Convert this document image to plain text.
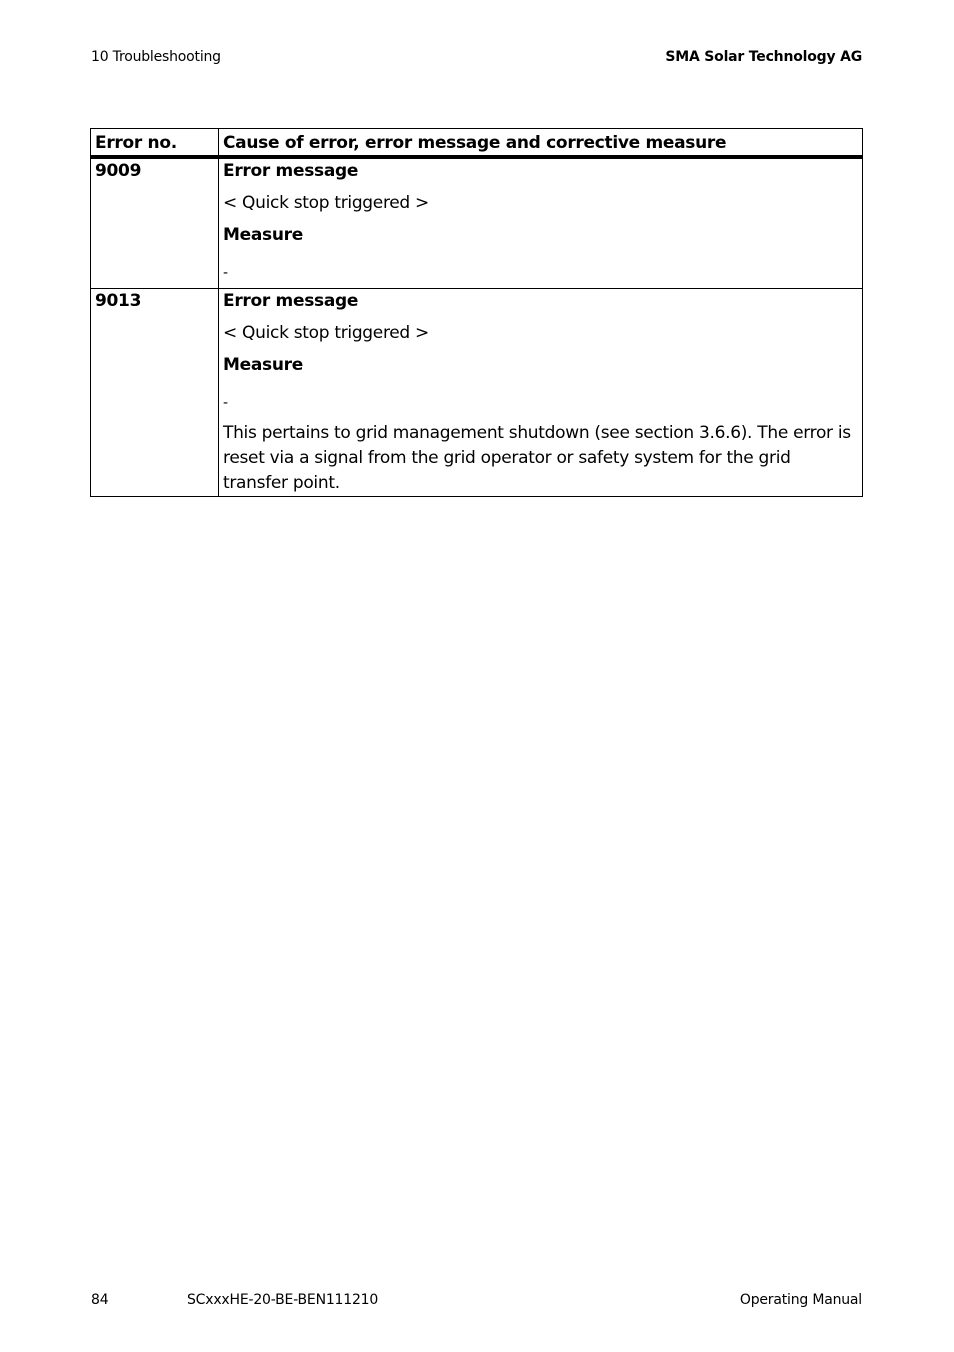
10 Troubleshooting	SMA Solar Technology AG
Error no.	Cause of error, error message and corrective measure
9009	Error message
< Quick stop triggered >
Measure
-

9013	Error message
< Quick stop triggered >
Measure
-
This pertains to grid management shutdown (see section 3.6.6). The error is reset via a signal from the grid operator or safety system for the grid transfer point.
84	SCxxxHE-20-BE-BEN111210	Operating Manual
